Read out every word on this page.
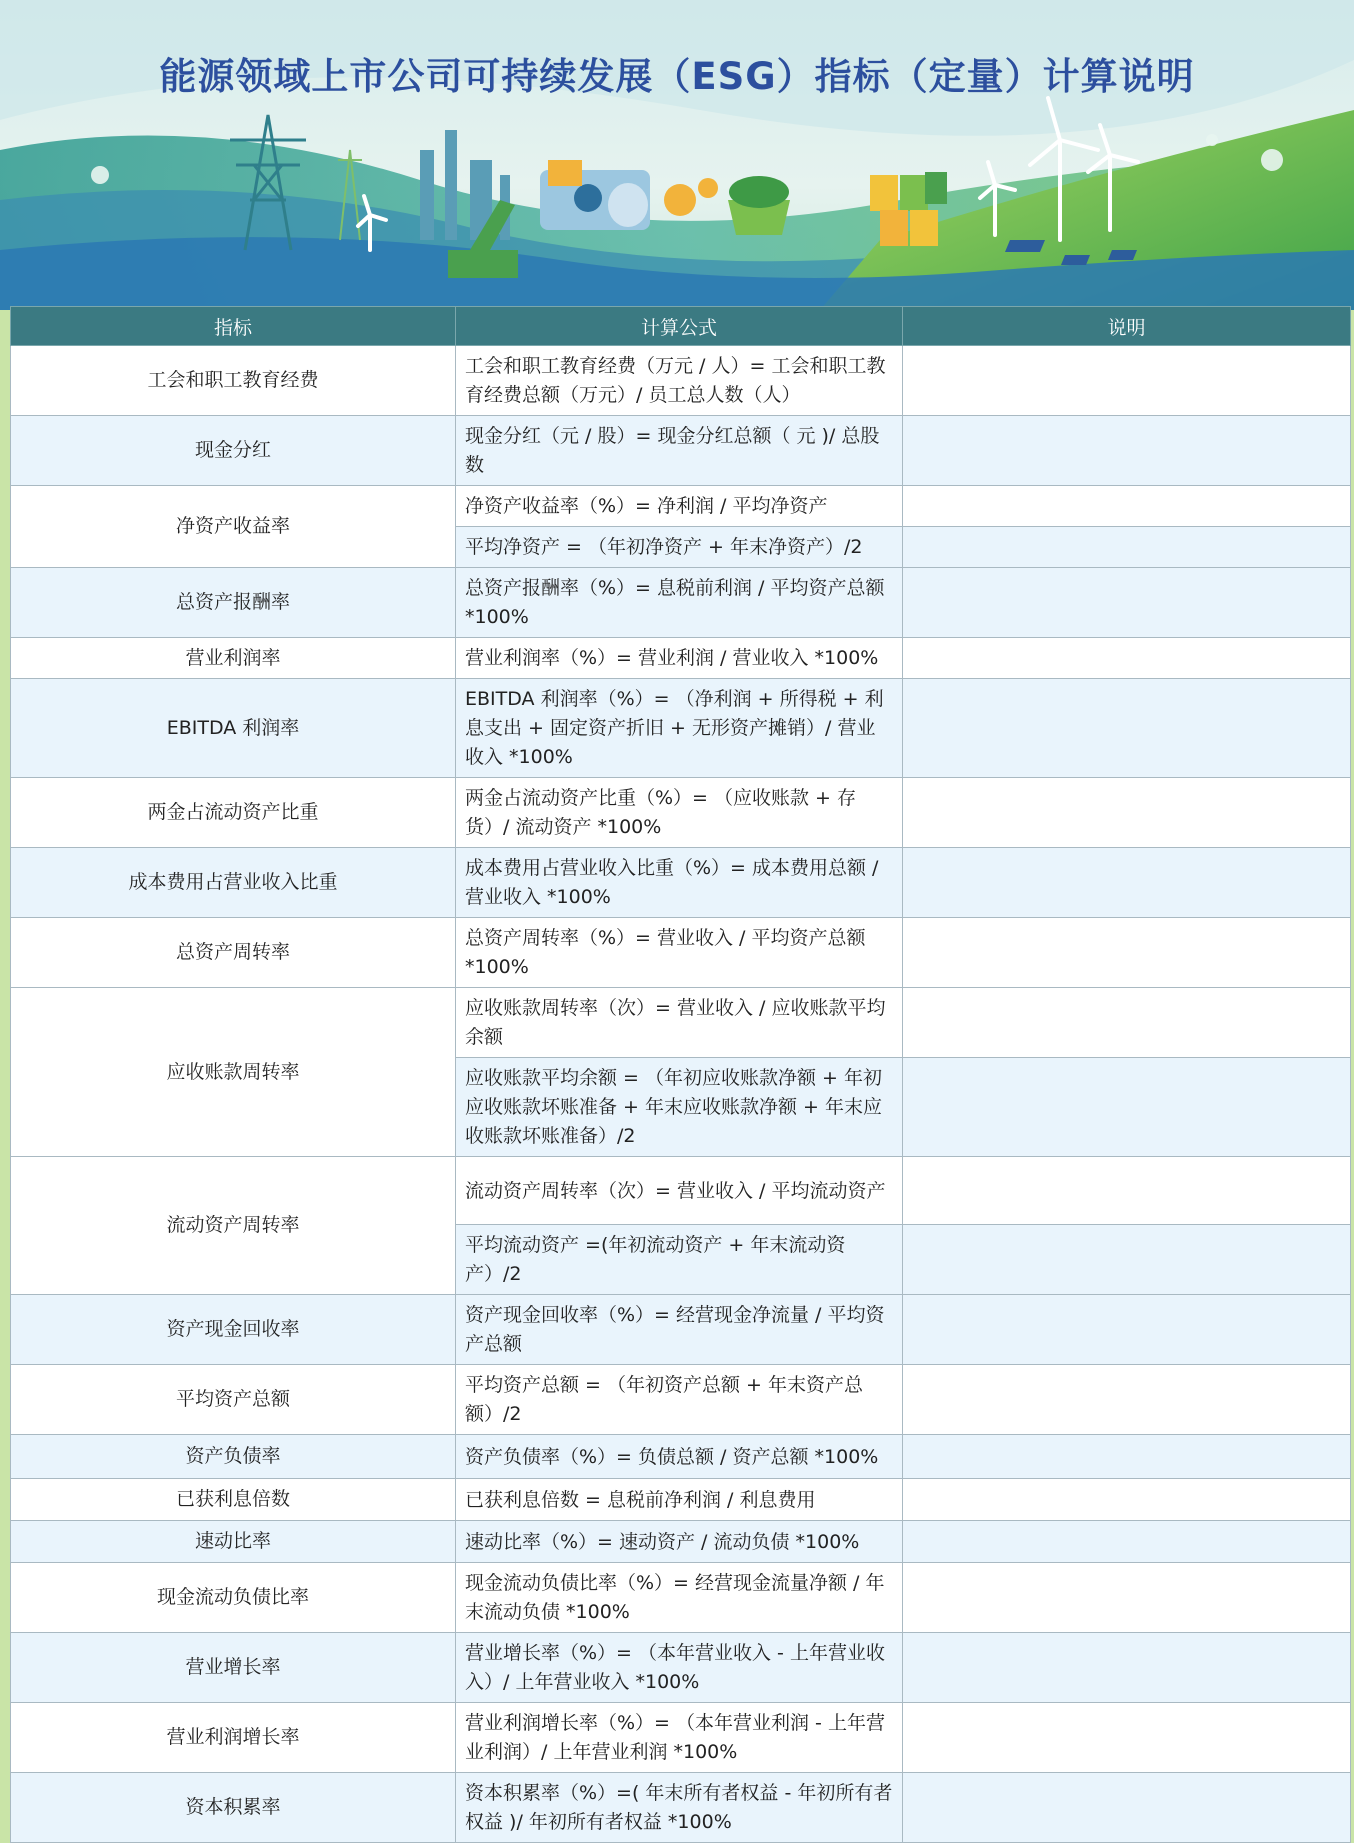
能源领域上市公司可持续发展（ESG）指标（定量）计算说明
指标	计算公式	说明
工会和职工教育经费	工会和职工教育经费（万元 / 人）= 工会和职工教育经费总额（万元）/ 员工总人数（人）	
现金分红	现金分红（元 / 股）= 现金分红总额（ 元 )/ 总股数	
净资产收益率	净资产收益率（%）= 净利润 / 平均净资产	
	平均净资产 = （年初净资产 + 年末净资产）/2	
总资产报酬率	总资产报酬率（%）= 息税前利润 / 平均资产总额 *100%	
营业利润率	营业利润率（%）= 营业利润 / 营业收入 *100%	
EBITDA 利润率	EBITDA 利润率（%）= （净利润 + 所得税 + 利息支出 + 固定资产折旧 + 无形资产摊销）/ 营业收入 *100%	
两金占流动资产比重	两金占流动资产比重（%）= （应收账款 + 存货）/ 流动资产 *100%	
成本费用占营业收入比重	成本费用占营业收入比重（%）= 成本费用总额 / 营业收入 *100%	
总资产周转率	总资产周转率（%）= 营业收入 / 平均资产总额 *100%	
应收账款周转率	应收账款周转率（次）= 营业收入 / 应收账款平均余额	
	应收账款平均余额 = （年初应收账款净额 + 年初应收账款坏账准备 + 年末应收账款净额 + 年末应收账款坏账准备）/2	
流动资产周转率	流动资产周转率（次）= 营业收入 / 平均流动资产	
	平均流动资产 =(年初流动资产 + 年末流动资产）/2	
资产现金回收率	资产现金回收率（%）= 经营现金净流量 / 平均资产总额	
平均资产总额	平均资产总额 = （年初资产总额 + 年末资产总额）/2	
资产负债率	资产负债率（%）= 负债总额 / 资产总额 *100%	
已获利息倍数	已获利息倍数 = 息税前净利润 / 利息费用	
速动比率	速动比率（%）= 速动资产 / 流动负债 *100%	
现金流动负债比率	现金流动负债比率（%）= 经营现金流量净额 / 年末流动负债 *100%	
营业增长率	营业增长率（%）= （本年营业收入 - 上年营业收入）/ 上年营业收入 *100%	
营业利润增长率	营业利润增长率（%）= （本年营业利润 - 上年营业利润）/ 上年营业利润 *100%	
资本积累率	资本积累率（%）=( 年末所有者权益 - 年初所有者权益 )/ 年初所有者权益 *100%	
